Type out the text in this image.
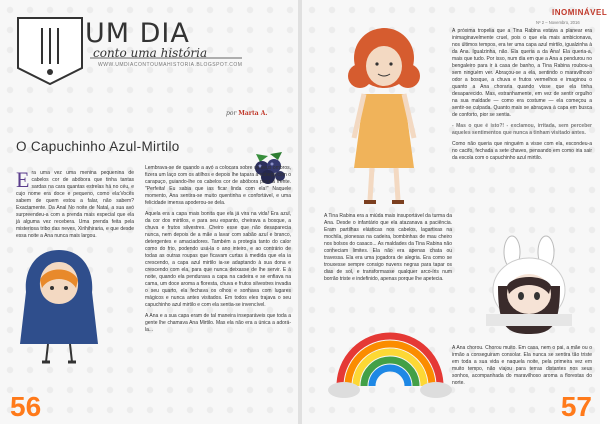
UM DIA
conto uma história
WWW.UMDIACONTOUMAHISTORIA.BLOGSPOT.COM
por Marta A.
O Capuchinho Azul-Mirtilo

Era uma vez uma menina pequenina de cabelos cor de abóbora que tinha tantas sardas na cara quantas estrelas há no céu, e cujo nome era doce e pequeno, como ela:Vocês sabem de quem estou a falar, não sabem? Exactamente. Da Anal No noite de Natal, a sua avó surpreendeu-a com a prenda mais especial que ela já alguma vez recebera. Uma prenda feita pela misteriosa tribo das neves, Xirihihiraria, e que desde essa noite a Ana nunca mais largou.

Lembrava-se de quando a avó a colocara sobre os seus ombros, fizera um laço com os atilhos e depois lhe tapara a cabeça com o carapuço, guiando-lhe os cabelos cor de abóbora para a frente. "Perfeita! Eu sabia que ias ficar linda com ela!" Naquele momento, Ana sentira-se muito quentinha e confortável, e uma felicidade imensa apoderou-se dela.

Aquela era a capa mais bonita que ela já vira na vida! Era azul, da cor dos mirtilos, e para seu espanto, cheirava a bosque, a chuva e frutos silvestres. Cheiro esse que não desaparecia nunca, nem depois de a mãe a lavar com sabão azul e branco, detergentes e amaciadores. Também a protegia tanto do calor como do frio, podendo usá-la o ano inteiro, e ao contrário de todas as outras roupas que ficavam curtas à medida que ela ia crescendo, a capa azul mirtilo ia-se adaptando à sua dona e crescendo com ela, para que nunca deixasse de lhe servir. E à noite, quando ela pendurava a capa na cadeira e se enfiava na cama, um doce aroma a floresta, chuva e frutos silvestres invadia o seu quarto, ela fechava os olhos e sonhava com lugares mágicos e nunca antes visitados. Em todos eles trajava o seu capuchinho azul mirtilo e com ela sentia-se invencível.

A Ana e a sua capa eram de tal maneira inseparáveis que toda a gente lhe chamava Ana Mirtilo. Mas ela não era a única a adorá-la...

56
INOMINÁVEL
Nº 2 – Novembro, 2016

A Tina Rabina era a miúda mais insuportável da turma da Ana. Desde o infantário que ela atazanava a paciência. Eram partilhas elásticas nos cabelos, lagartixas na mochila, pionesas na cadeira, bombinhas de mau cheiro nos bolsos do casaco... As maldades da Tina Rabina não conheciam limites. Ela não era apenas chata ou travessa. Ela era uma jogadora de alegria. Era como se trouxesse sempre consigo nuvens negras para tapar os dias de sol, e transformasse qualquer arco-íris num borrão triste e indefinido, apenas porque lhe apetecia.

A próxima tropelia que a Tina Rabina estava a planear era inimaginavelmente cruel, pois o que ela mais ambicionava, nos últimos tempos, era ter uma capa azul mirtilo, igualzinha à da Ana. Igualzinha, não. Ela queria a da Ana! Ela queria-a, mais que tudo. Por isso, num dia em que a Ana a pendurou no bengaleiro para ir à casa de banho, a Tina Rabina roubou-a sem ninguém ver. Abraçou-se a ela, sentindo o maravilhoso odor a bosque, a chuva e frutos vermelhos e imaginou o quanto a Ana choraria quando visse que ela tinha desaparecido. Mas, estranhamente, em vez de sentir orgulho na sua maldade — como era costume — ela começou a sentir-se culpada. Quanto mais se abraçava à capa em busca de conforto, pior se sentia.

- Mas o que é isto?! - exclamou, irritada, sem perceber aqueles sentimentos que nunca a tinham visitado antes.

Como não queria que ninguém a visse com ela, escondeu-a no cacifo, fechada a sete chaves, pensando em como iria sair da escola com o capuchinho azul mirtilo.

A Ana chorou. Chorou muito. Em casa, nem o pai, a mãe ou o irmão a conseguiram consolar. Ela nunca se sentira tão triste em toda a sua vida e naquela noite, pela primeira vez em muito tempo, não viajou para terras distantes nos seus sonhos, acompanhada do maravilhoso aroma a florestas do norte.

57
